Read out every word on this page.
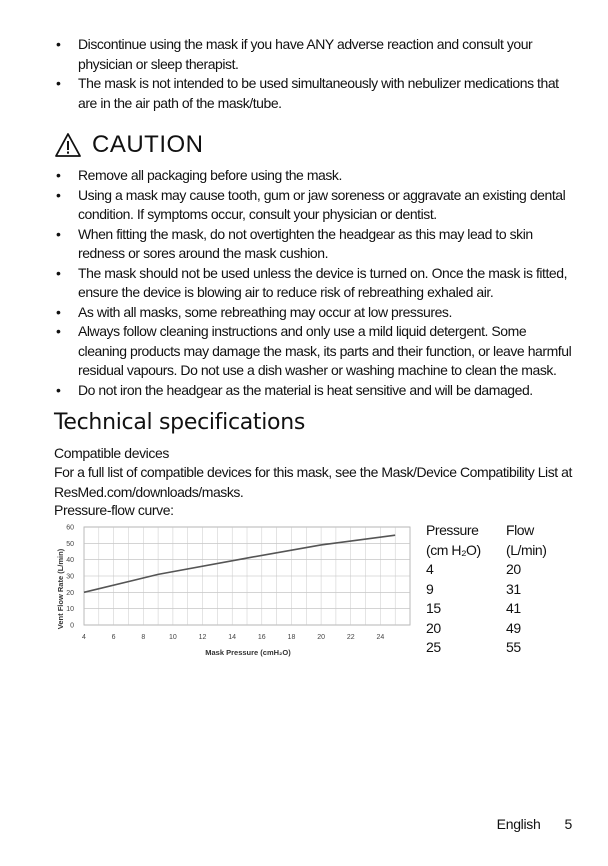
• Discontinue using the mask if you have ANY adverse reaction and consult your physician or sleep therapist.
• The mask is not intended to be used simultaneously with nebulizer medications that are in the air path of the mask/tube.
CAUTION
• Remove all packaging before using the mask.
• Using a mask may cause tooth, gum or jaw soreness or aggravate an existing dental condition. If symptoms occur, consult your physician or dentist.
• When fitting the mask, do not overtighten the headgear as this may lead to skin redness or sores around the mask cushion.
• The mask should not be used unless the device is turned on. Once the mask is fitted, ensure the device is blowing air to reduce risk of rebreathing exhaled air.
• As with all masks, some rebreathing may occur at low pressures.
• Always follow cleaning instructions and only use a mild liquid detergent. Some cleaning products may damage the mask, its parts and their function, or leave harmful residual vapours. Do not use a dish washer or washing machine to clean the mask.
• Do not iron the headgear as the material is heat sensitive and will be damaged.
Technical specifications
Compatible devices
For a full list of compatible devices for this mask, see the Mask/Device Compatibility List at ResMed.com/downloads/masks.
Pressure-flow curve:
0
10
20
30
40
50
60
4	6	8	10	12	14	16	18	20	22	24
Vent Flow Rate (L/min)
Mask Pressure (cmH₂O)
Pressure	Flow
(cm H₂O)	(L/min)
4	20
9	31
15	41
20	49
25	55
English 5
